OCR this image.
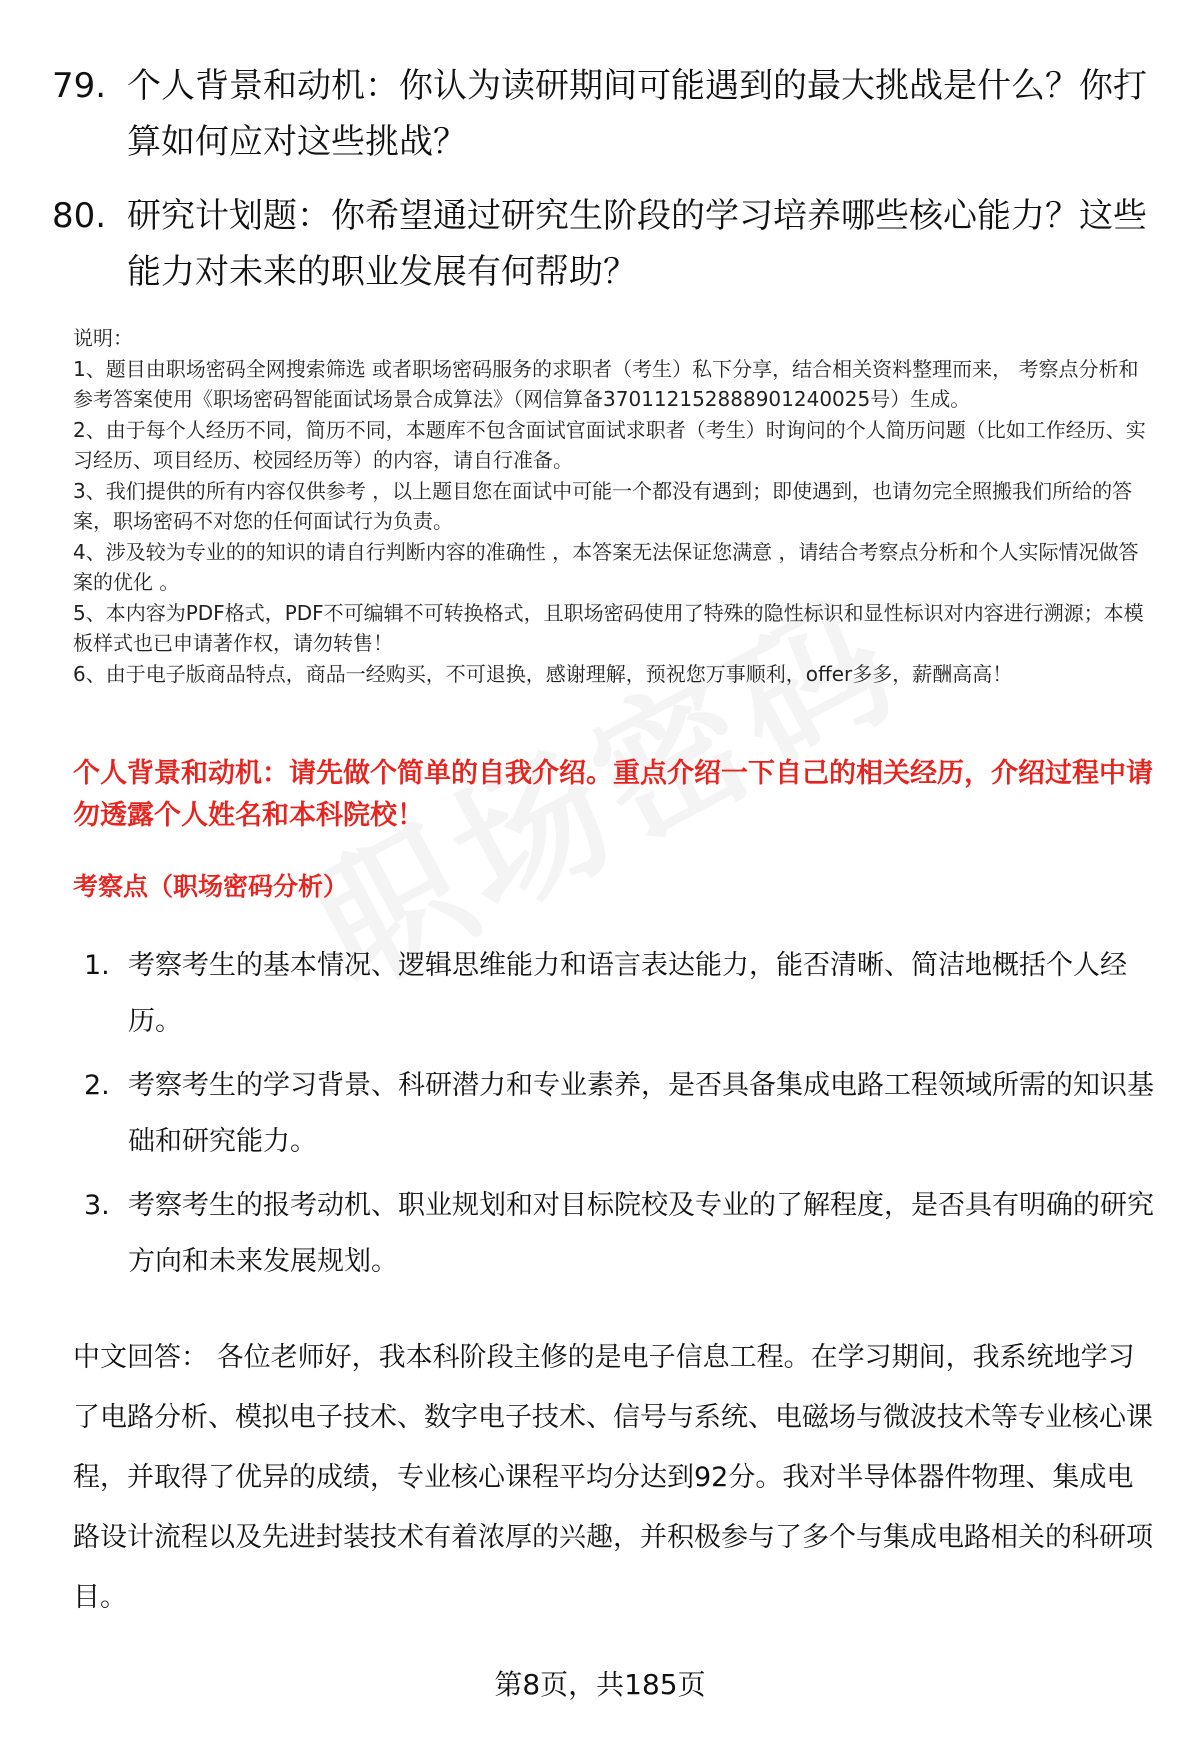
79. 个人背景和动机：你认为读研期间可能遇到的最大挑战是什么？你打算如何应对这些挑战？
80. 研究计划题：你希望通过研究生阶段的学习培养哪些核心能力？这些能力对未来的职业发展有何帮助？

说明：

1、题目由职场密码全网搜索筛选 或者职场密码服务的求职者（考生）私下分享，结合相关资料整理而来， 考察点分析和参考答案使用《职场密码智能面试场景合成算法》（网信算备370112152888901240025号）生成。

2、由于每个人经历不同，简历不同，本题库不包含面试官面试求职者（考生）时询问的个人简历问题（比如工作经历、实习经历、项目经历、校园经历等）的内容，请自行准备。

3、我们提供的所有内容仅供参考 ，以上题目您在面试中可能一个都没有遇到；即使遇到，也请勿完全照搬我们所给的答案，职场密码不对您的任何面试行为负责。

4、涉及较为专业的的知识的请自行判断内容的准确性 ，本答案无法保证您满意 ，请结合考察点分析和个人实际情况做答案的优化 。

5、本内容为PDF格式，PDF不可编辑不可转换格式，且职场密码使用了特殊的隐性标识和显性标识对内容进行溯源；本模板样式也已申请著作权，请勿转售！

6、由于电子版商品特点，商品一经购买，不可退换，感谢理解，预祝您万事顺利，offer多多，薪酬高高！

个人背景和动机：请先做个简单的自我介绍。重点介绍一下自己的相关经历，介绍过程中请勿透露个人姓名和本科院校！
考察点（职场密码分析）
1. 考察考生的基本情况、逻辑思维能力和语言表达能力，能否清晰、简洁地概括个人经历。
2. 考察考生的学习背景、科研潜力和专业素养，是否具备集成电路工程领域所需的知识基础和研究能力。
3. 考察考生的报考动机、职业规划和对目标院校及专业的了解程度，是否具有明确的研究方向和未来发展规划。
中文回答： 各位老师好，我本科阶段主修的是电子信息工程。在学习期间，我系统地学习了电路分析、模拟电子技术、数字电子技术、信号与系统、电磁场与微波技术等专业核心课程，并取得了优异的成绩，专业核心课程平均分达到92分。我对半导体器件物理、集成电路设计流程以及先进封装技术有着浓厚的兴趣，并积极参与了多个与集成电路相关的科研项目。
第8页，共185页
